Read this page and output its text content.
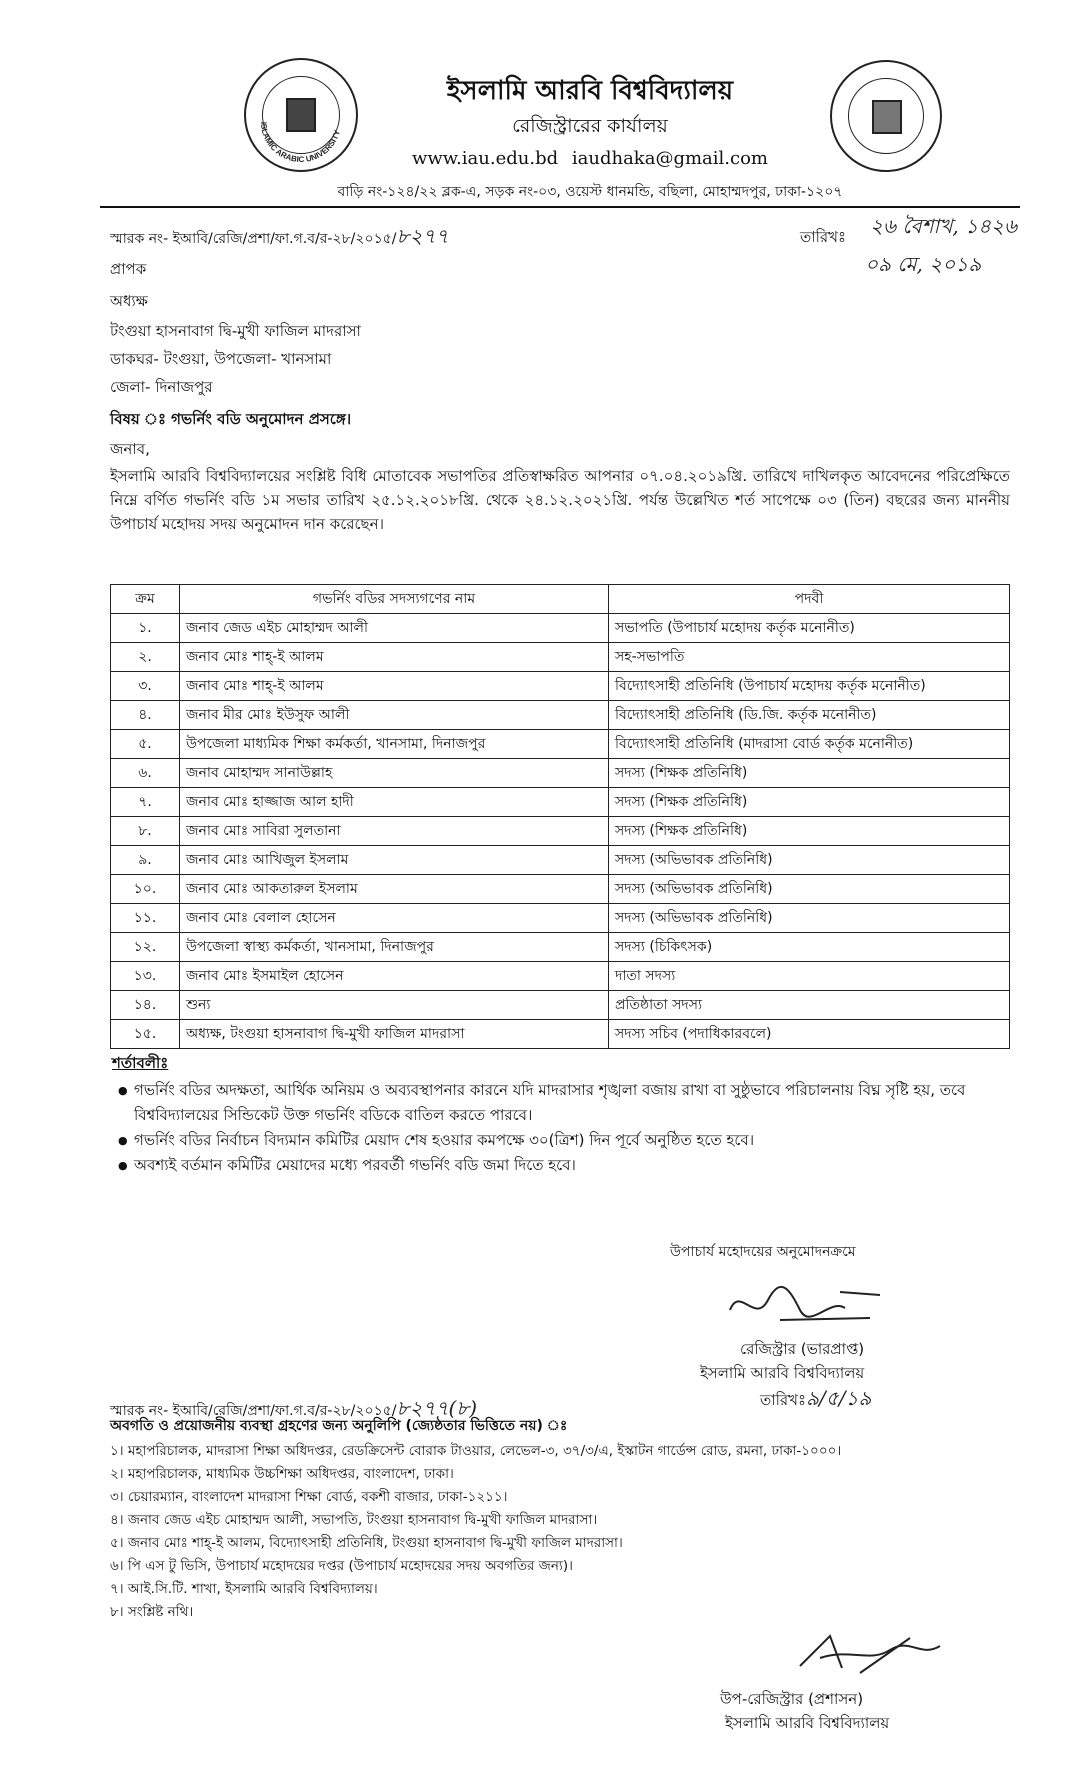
ISLAMIC ARABIC UNIVERSITY
ইসলামি আরবি বিশ্ববিদ্যালয়
রেজিস্ট্রারের কার্যালয়
www.iau.edu.bd iaudhaka@gmail.com
বাড়ি নং-১২৪/২২ ব্লক-এ, সড়ক নং-০৩, ওয়েস্ট ধানমন্ডি, বছিলা, মোহাম্মদপুর, ঢাকা-১২০৭
স্মারক নং- ইআবি/রেজি/প্রশা/ফা.গ.ব/র-২৮/২০১৫/৮২৭৭	তারিখঃ ২৬ বৈশাখ, ১৪২৬
০৯ মে, ২০১৯
প্রাপক
অধ্যক্ষ
টংগুয়া হাসনাবাগ দ্বি-মুখী ফাজিল মাদরাসা
ডাকঘর- টংগুয়া, উপজেলা- খানসামা
জেলা- দিনাজপুর
বিষয় ঃ গভর্নিং বডি অনুমোদন প্রসঙ্গে।
জনাব,
ইসলামি আরবি বিশ্ববিদ্যালয়ের সংশ্লিষ্ট বিধি মোতাবেক সভাপতির প্রতিস্বাক্ষরিত আপনার ০৭.০৪.২০১৯খ্রি. তারিখে দাখিলকৃত আবেদনের পরিপ্রেক্ষিতে নিম্নে বর্ণিত গভর্নিং বডি ১ম সভার তারিখ ২৫.১২.২০১৮খ্রি. থেকে ২৪.১২.২০২১খ্রি. পর্যন্ত উল্লেখিত শর্ত সাপেক্ষে ০৩ (তিন) বছরের জন্য মাননীয় উপাচার্য মহোদয় সদয় অনুমোদন দান করেছেন।
ক্রম	গভর্নিং বডির সদস্যগণের নাম	পদবী
১.	জনাব জেড এইচ মোহাম্মদ আলী	সভাপতি (উপাচার্য মহোদয় কর্তৃক মনোনীত)
২.	জনাব মোঃ শাহ্-ই আলম	সহ-সভাপতি
৩.	জনাব মোঃ শাহ্-ই আলম	বিদ্যোৎসাহী প্রতিনিধি (উপাচার্য মহোদয় কর্তৃক মনোনীত)
৪.	জনাব মীর মোঃ ইউসুফ আলী	বিদ্যোৎসাহী প্রতিনিধি (ডি.জি. কর্তৃক মনোনীত)
৫.	উপজেলা মাধ্যমিক শিক্ষা কর্মকর্তা, খানসামা, দিনাজপুর	বিদ্যোৎসাহী প্রতিনিধি (মাদরাসা বোর্ড কর্তৃক মনোনীত)
৬.	জনাব মোহাম্মদ সানাউল্লাহ	সদস্য (শিক্ষক প্রতিনিধি)
৭.	জনাব মোঃ হাজ্জাজ আল হাদী	সদস্য (শিক্ষক প্রতিনিধি)
৮.	জনাব মোঃ সাবিরা সুলতানা	সদস্য (শিক্ষক প্রতিনিধি)
৯.	জনাব মোঃ আখিজুল ইসলাম	সদস্য (অভিভাবক প্রতিনিধি)
১০.	জনাব মোঃ আকতারুল ইসলাম	সদস্য (অভিভাবক প্রতিনিধি)
১১.	জনাব মোঃ বেলাল হোসেন	সদস্য (অভিভাবক প্রতিনিধি)
১২.	উপজেলা স্বাস্থ্য কর্মকর্তা, খানসামা, দিনাজপুর	সদস্য (চিকিৎসক)
১৩.	জনাব মোঃ ইসমাইল হোসেন	দাতা সদস্য
১৪.	শুন্য	প্রতিষ্ঠাতা সদস্য
১৫.	অধ্যক্ষ, টংগুয়া হাসনাবাগ দ্বি-মুখী ফাজিল মাদরাসা	সদস্য সচিব (পদাধিকারবলে)
শর্তাবলীঃ
● গভর্নিং বডির অদক্ষতা, আর্থিক অনিয়ম ও অব্যবস্থাপনার কারনে যদি মাদরাসার শৃঙ্খলা বজায় রাখা বা সুষ্ঠুভাবে পরিচালনায় বিঘ্ন সৃষ্টি হয়, তবে বিশ্ববিদ্যালয়ের সিন্ডিকেট উক্ত গভর্নিং বডিকে বাতিল করতে পারবে।
● গভর্নিং বডির নির্বাচন বিদ্যমান কমিটির মেয়াদ শেষ হওয়ার কমপক্ষে ৩০(ত্রিশ) দিন পূর্বে অনুষ্ঠিত হতে হবে।
● অবশ্যই বর্তমান কমিটির মেয়াদের মধ্যে পরবর্তী গভর্নিং বডি জমা দিতে হবে।
উপাচার্য মহোদয়ের অনুমোদনক্রমে
রেজিস্ট্রার (ভারপ্রাপ্ত)
ইসলামি আরবি বিশ্ববিদ্যালয়
তারিখঃ৯/৫/১৯
স্মারক নং- ইআবি/রেজি/প্রশা/ফা.গ.ব/র-২৮/২০১৫/৮২৭৭(৮)
অবগতি ও প্রয়োজনীয় ব্যবস্থা গ্রহণের জন্য অনুলিপি (জ্যেষ্ঠতার ভিত্তিতে নয়) ঃ
১। মহাপরিচালক, মাদরাসা শিক্ষা অধিদপ্তর, রেডক্রিসেন্ট বোরাক টাওয়ার, লেভেল-৩, ৩৭/৩/এ, ইস্কাটন গার্ডেন্স রোড, রমনা, ঢাকা-১০০০।
২। মহাপরিচালক, মাধ্যমিক উচ্চশিক্ষা অধিদপ্তর, বাংলাদেশ, ঢাকা।
৩। চেয়ারম্যান, বাংলাদেশ মাদরাসা শিক্ষা বোর্ড, বকশী বাজার, ঢাকা-১২১১।
৪। জনাব জেড এইচ মোহাম্মদ আলী, সভাপতি, টংগুয়া হাসনাবাগ দ্বি-মুখী ফাজিল মাদরাসা।
৫। জনাব মোঃ শাহ্-ই আলম, বিদ্যোৎসাহী প্রতিনিধি, টংগুয়া হাসনাবাগ দ্বি-মুখী ফাজিল মাদরাসা।
৬। পি এস টু ভিসি, উপাচার্য মহোদয়ের দপ্তর (উপাচার্য মহোদয়ের সদয় অবগতির জন্য)।
৭। আই.সি.টি. শাখা, ইসলামি আরবি বিশ্ববিদ্যালয়।
৮। সংশ্লিষ্ট নথি।
উপ-রেজিস্ট্রার (প্রশাসন)
ইসলামি আরবি বিশ্ববিদ্যালয়
